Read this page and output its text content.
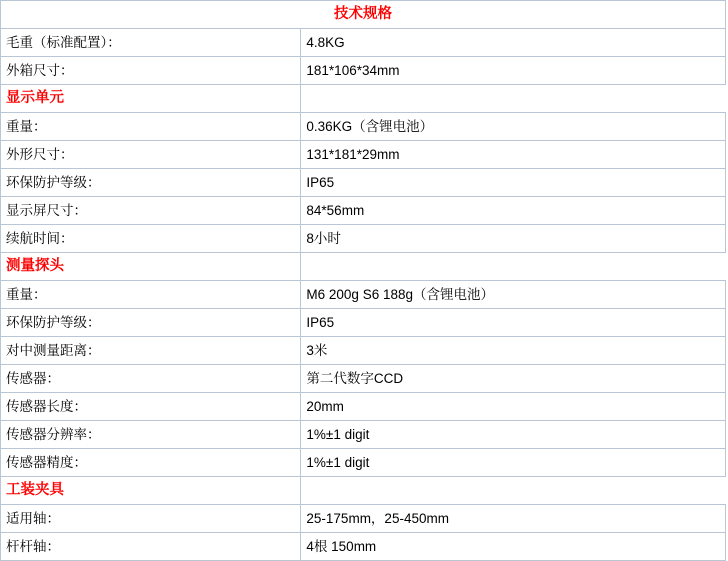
技术规格	
毛重（标准配置）：	4.8KG
外箱尺寸：	181*106*34mm
显示单元	
重量：	0.36KG（含锂电池）
外形尺寸：	131*181*29mm
环保防护等级：	IP65
显示屏尺寸：	84*56mm
续航时间：	8小时
测量探头	
重量：	M6 200g S6 188g（含锂电池）
环保防护等级：	IP65
对中测量距离：	3米
传感器：	第二代数字CCD
传感器长度：	20mm
传感器分辨率：	1%±1 digit
传感器精度：	1%±1 digit
工装夹具	
适用轴：	25-175mm，25-450mm
杆杆轴：	4根 150mm
